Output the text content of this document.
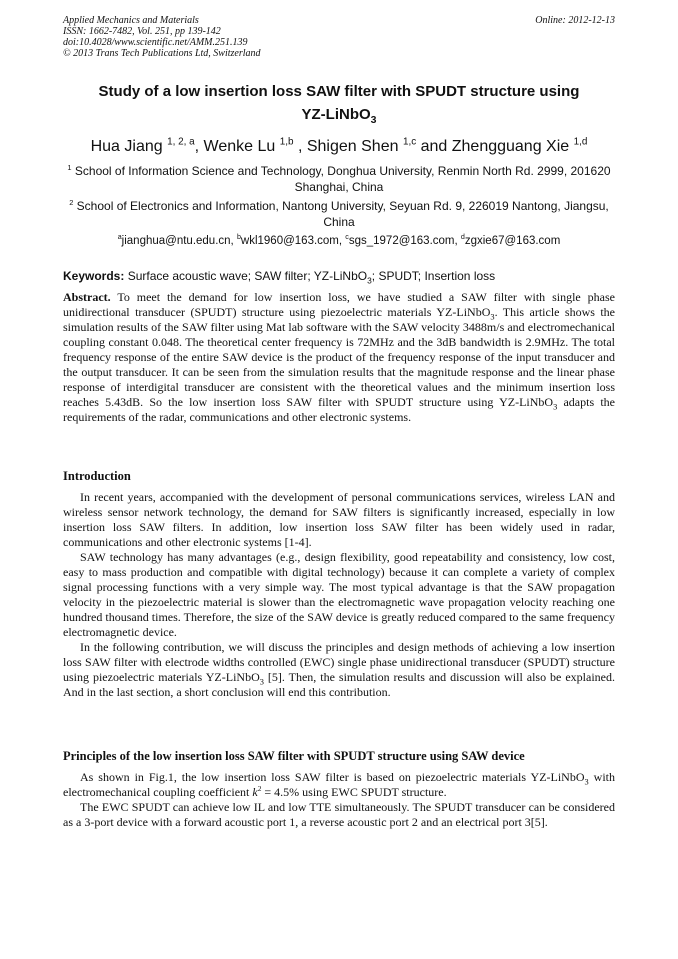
Applied Mechanics and Materials
ISSN: 1662-7482, Vol. 251, pp 139-142
doi:10.4028/www.scientific.net/AMM.251.139
© 2013 Trans Tech Publications Ltd, Switzerland
Online: 2012-12-13
Study of a low insertion loss SAW filter with SPUDT structure using
YZ-LiNbO$_3$
Hua Jiang $^{1, 2, a}$, Wenke Lu $^{1,b}$ , Shigen Shen $^{1,c}$ and Zhengguang Xie $^{1,d}$
$^1$ School of Information Science and Technology, Donghua University, Renmin North Rd. 2999, 201620 Shanghai, China
$^2$ School of Electronics and Information, Nantong University, Seyuan Rd. 9, 226019 Nantong, Jiangsu, China
$^a$jianghua@ntu.edu.cn, $^b$wkl1960@163.com, $^c$sgs_1972@163.com, $^d$zgxie67@163.com
Keywords: Surface acoustic wave; SAW filter; YZ-LiNbO$_3$; SPUDT; Insertion loss
Abstract. To meet the demand for low insertion loss, we have studied a SAW filter with single phase unidirectional transducer (SPUDT) structure using piezoelectric materials YZ-LiNbO$_3$. This article shows the simulation results of the SAW filter using Mat lab software with the SAW velocity 3488m/s and electromechanical coupling constant 0.048. The theoretical center frequency is 72MHz and the 3dB bandwidth is 2.9MHz. The total frequency response of the entire SAW device is the product of the frequency response of the input transducer and the output transducer. It can be seen from the simulation results that the magnitude response and the linear phase response of interdigital transducer are consistent with the theoretical values and the minimum insertion loss reaches 5.43dB. So the low insertion loss SAW filter with SPUDT structure using YZ-LiNbO$_3$ adapts the requirements of the radar, communications and other electronic systems.
Introduction

In recent years, accompanied with the development of personal communications services, wireless LAN and wireless sensor network technology, the demand for SAW filters is significantly increased, especially in low insertion loss SAW filters. In addition, low insertion loss SAW filter has been widely used in radar, communications and other electronic systems [1-4].

SAW technology has many advantages (e.g., design flexibility, good repeatability and consistency, low cost, easy to mass production and compatible with digital technology) because it can complete a variety of complex signal processing functions with a very simple way. The most typical advantage is that the SAW propagation velocity in the piezoelectric material is slower than the electromagnetic wave propagation velocity reaching one hundred thousand times. Therefore, the size of the SAW device is greatly reduced compared to the same frequency electromagnetic device.

In the following contribution, we will discuss the principles and design methods of achieving a low insertion loss SAW filter with electrode widths controlled (EWC) single phase unidirectional transducer (SPUDT) structure using piezoelectric materials YZ-LiNbO$_3$ [5]. Then, the simulation results and discussion will also be explained. And in the last section, a short conclusion will end this contribution.

Principles of the low insertion loss SAW filter with SPUDT structure using SAW device

As shown in Fig.1, the low insertion loss SAW filter is based on piezoelectric materials YZ-LiNbO$_3$ with electromechanical coupling coefficient $k^2 = 4.5\%$ using EWC SPUDT structure.

The EWC SPUDT can achieve low IL and low TTE simultaneously. The SPUDT transducer can be considered as a 3-port device with a forward acoustic port 1, a reverse acoustic port 2 and an electrical port 3[5].
